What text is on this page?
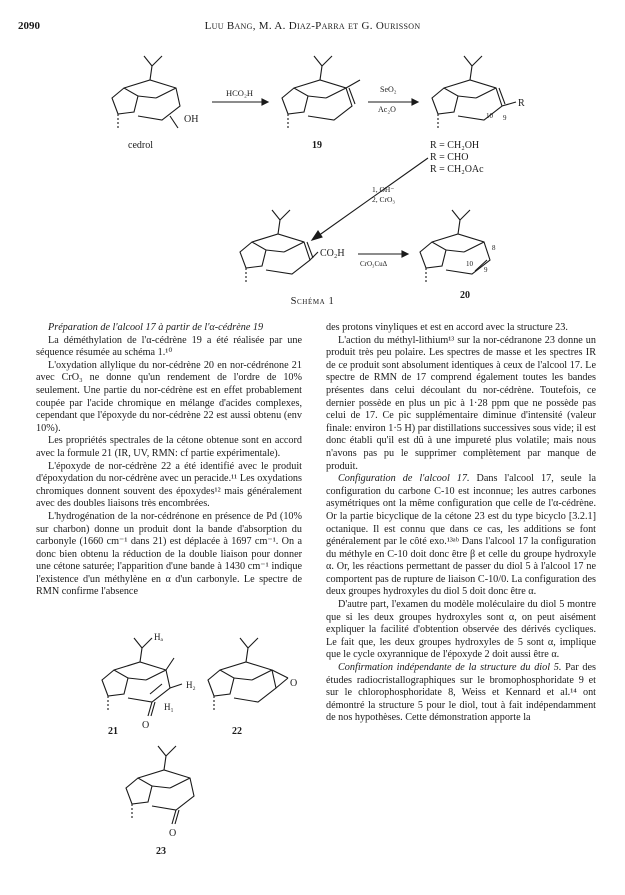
2090	Luu Bang, M. A. Diaz-Parra et G. Ourisson
cedrol
OH
19
HCO₂H	SeO₂
Ac₂O
R
10 9
R = CH₂OH
R = CHO
R = CH₂OAc
1, OH⁻
2, CrO₃
CO₂H
CrO₃CuΔ
8
10
9
20
Schéma 1

Préparation de l'alcool 17 à partir de l'α-cédrène 19

La déméthylation de l'α-cédrène 19 a été réalisée par une séquence résumée au schéma 1.¹⁰

L'oxydation allylique du nor-cédrène 20 en nor-cédrénone 21 avec CrO₃ ne donne qu'un rendement de l'ordre de 10% seulement. Une partie du nor-cédrène est en effet probablement coupée par l'acide chromique en mélange d'acides complexes, cependant que l'époxyde du nor-cédrène 22 est aussi obtenu (env 10%).

Les propriétés spectrales de la cétone obtenue sont en accord avec la formule 21 (IR, UV, RMN: cf partie expérimentale).

L'époxyde de nor-cédrène 22 a été identifié avec le produit d'époxydation du nor-cédrène avec un peracide.¹¹ Les oxydations chromiques donnent souvent des époxydes¹² mais généralement avec des doubles liaisons très encombrées.

L'hydrogénation de la nor-cédrénone en présence de Pd (10% sur charbon) donne un produit dont la bande d'absorption du carbonyle (1660 cm⁻¹ dans 21) est déplacée à 1697 cm⁻¹. On a donc bien obtenu la réduction de la double liaison pour donner une cétone saturée; l'apparition d'une bande à 1430 cm⁻¹ indique l'existence d'un méthylène en α d'un carbonyle. Le spectre de RMN confirme l'absence

Hₐ
H₂
H₁
O
O
O
21	22
23

des protons vinyliques et est en accord avec la structure 23.

L'action du méthyl-lithium¹³ sur la nor-cédranone 23 donne un produit très peu polaire. Les spectres de masse et les spectres IR de ce produit sont absolument identiques à ceux de l'alcool 17. Le spectre de RMN de 17 comprend également toutes les bandes présentes dans celui découlant du nor-cédrène. Toutefois, ce dernier possède en plus un pic à 1·28 ppm que ne possède pas celui de 17. Ce pic supplémentaire diminue d'intensité (valeur finale: environ 1·5 H) par distillations successives sous vide; il est donc établi qu'il est dû à une impureté plus volatile; mais nous n'avons pas pu le supprimer complètement par manque de produit.

Configuration de l'alcool 17. Dans l'alcool 17, seule la configuration du carbone C-10 est inconnue; les autres carbones asymétriques ont la même configuration que celle de l'α-cédrène. Or la partie bicyclique de la cétone 23 est du type bicyclo [3.2.1] octanique. Il est connu que dans ce cas, les additions se font généralement par le côté exo.¹³ᵃᵇ Dans l'alcool 17 la configuration du méthyle en C-10 doit donc être β et celle du groupe hydroxyle α. Or, les réactions permettant de passer du diol 5 à l'alcool 17 ne comportent pas de rupture de liaison C-10/0. La configuration des deux groupes hydroxyles du diol 5 doit donc être α.

D'autre part, l'examen du modèle moléculaire du diol 5 montre que si les deux groupes hydroxyles sont α, on peut aisément expliquer la facilité d'obtention observée des dérivés cycliques. Le fait que, les deux groupes hydroxyles de 5 sont α, implique que le cycle oxyrannique de l'époxyde 2 doit aussi être α.

Confirmation indépendante de la structure du diol 5. Par des études radiocristallographiques sur le bromophosphoridate 9 et sur le chlorophosphoridate 8, Weiss et Kennard et al.¹⁴ ont démontré la structure 5 pour le diol, tout à fait indépendamment de nos hypothèses. Cette démonstration apporte la
